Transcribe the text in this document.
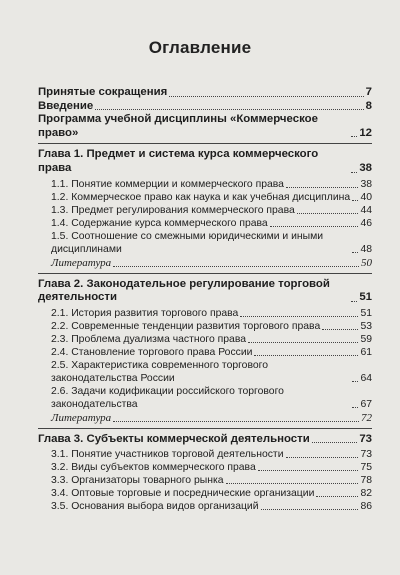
Оглавление
Принятые сокращения	7
Введение	8
Программа учебной дисциплины «Коммерческое право»	12
Глава 1. Предмет и система курса коммерческого права	38
1.1. Понятие коммерции и коммерческого права	38
1.2. Коммерческое право как наука и как учебная дисциплина 40
1.3. Предмет регулирования коммерческого права	44
1.4. Содержание курса коммерческого права	46
1.5. Соотношение со смежными юридическими и иными дисциплинами	48
Литература	50
Глава 2. Законодательное регулирование торговой деятельности	51
2.1. История развития торгового права	51
2.2. Современные тенденции развития торгового права	53
2.3. Проблема дуализма частного права	59
2.4. Становление торгового права России	61
2.5. Характеристика современного торгового законодательства России	64
2.6. Задачи кодификации российского торгового законодательства	67
Литература	72
Глава 3. Субъекты коммерческой деятельности	73
3.1. Понятие участников торговой деятельности	73
3.2. Виды субъектов коммерческого права	75
3.3. Организаторы товарного рынка	78
3.4. Оптовые торговые и посреднические организации	82
3.5. Основания выбора видов организаций	86
